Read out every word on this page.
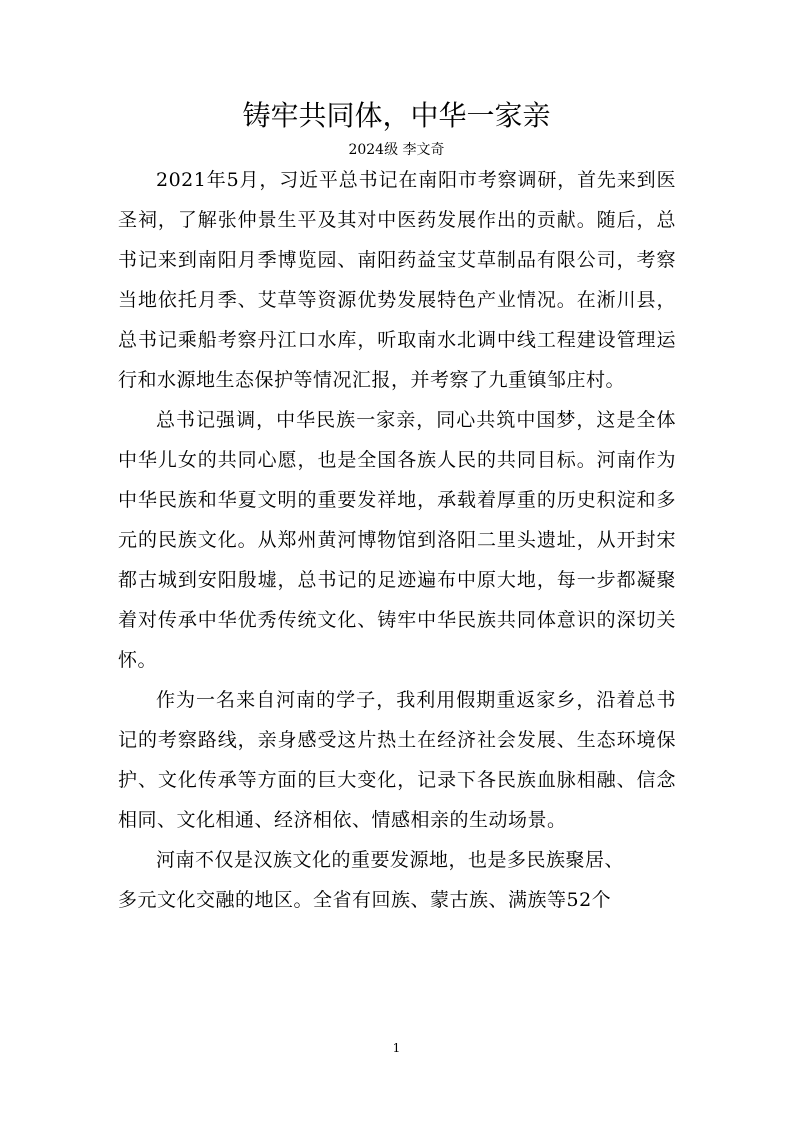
铸牢共同体，中华一家亲
2024级 李文奇

2021年5月，习近平总书记在南阳市考察调研，首先来到医圣祠，了解张仲景生平及其对中医药发展作出的贡献。随后，总书记来到南阳月季博览园、南阳药益宝艾草制品有限公司，考察当地依托月季、艾草等资源优势发展特色产业情况。在淅川县，总书记乘船考察丹江口水库，听取南水北调中线工程建设管理运行和水源地生态保护等情况汇报，并考察了九重镇邹庄村。

总书记强调，中华民族一家亲，同心共筑中国梦，这是全体中华儿女的共同心愿，也是全国各族人民的共同目标。河南作为中华民族和华夏文明的重要发祥地，承载着厚重的历史积淀和多元的民族文化。从郑州黄河博物馆到洛阳二里头遗址，从开封宋都古城到安阳殷墟，总书记的足迹遍布中原大地，每一步都凝聚着对传承中华优秀传统文化、铸牢中华民族共同体意识的深切关怀。

作为一名来自河南的学子，我利用假期重返家乡，沿着总书记的考察路线，亲身感受这片热土在经济社会发展、生态环境保护、文化传承等方面的巨大变化，记录下各民族血脉相融、信念相同、文化相通、经济相依、情感相亲的生动场景。

河南不仅是汉族文化的重要发源地，也是多民族聚居、

多元文化交融的地区。全省有回族、蒙古族、满族等52个

1
